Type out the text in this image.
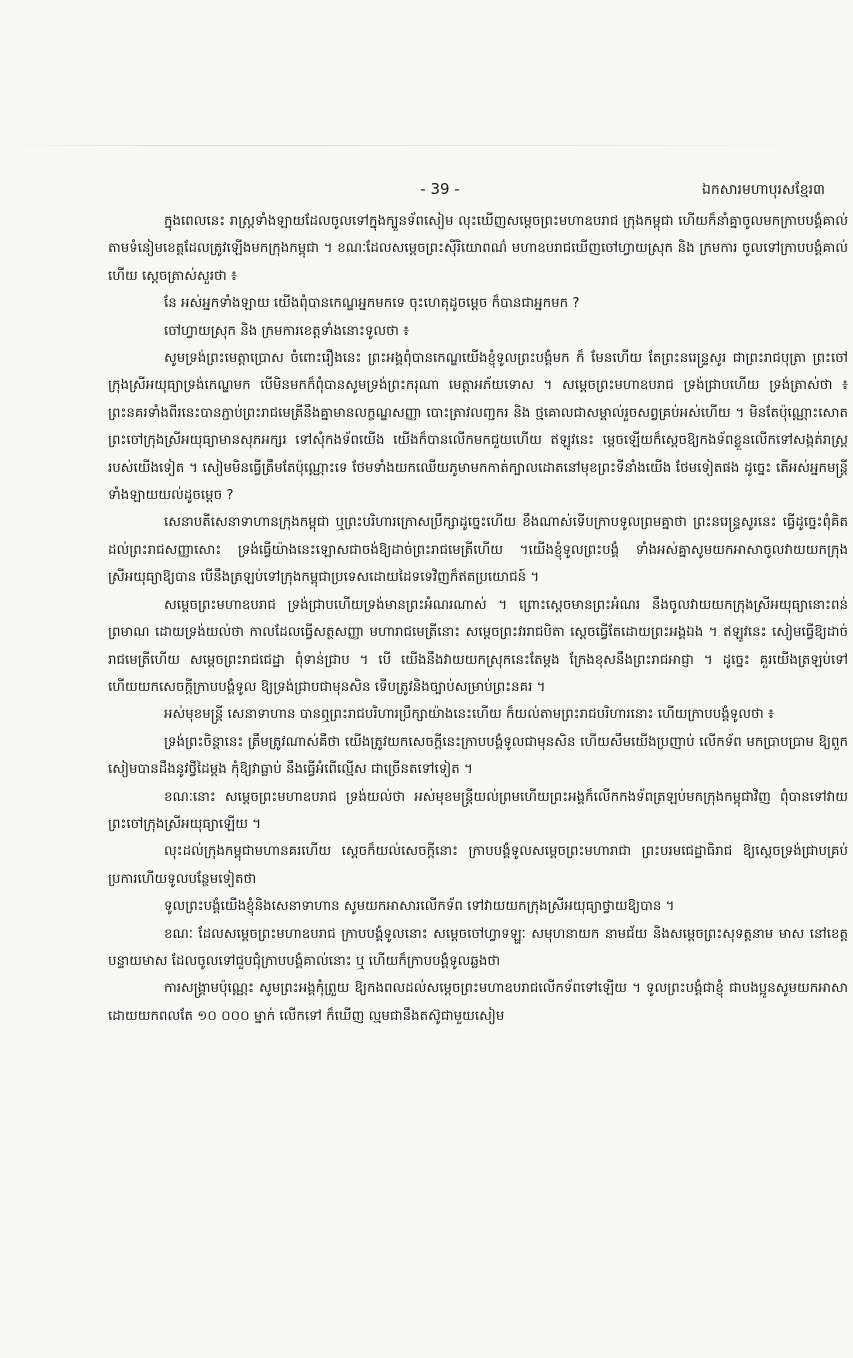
- 39 -	ឯកសារមហាបុរសខ្មែរ៣

ក្នុងពេលនេះ រាស្ត្រទាំងឡាយដែលចូលទៅក្នុងក្បួនទ័ពសៀម លុះឃើញសម្តេចព្រះមហាឧបរាជ ក្រុងកម្ពុជា ហើយក៏នាំគ្នាចូលមកក្រាបបង្គំគាល់តាមទំនៀមខេត្តដែលត្រូវឡើងមកក្រុងកម្ពុជា ។ ខណៈដែលសម្តេចព្រះស៊ីរិយោពណ៌ មហាឧបរាជឃើញចៅហ្វាយស្រុក និង ក្រមការ ចូលទៅក្រាបបង្គំគាល់ហើយ ស្តេចត្រាស់សួរថា ៖

នែ អស់អ្នកទាំងឡាយ យើងពុំបានកេណ្ឌអ្នកមកទេ ចុះហេតុដូចម្តេច ក៏បានជាអ្នកមក ?

ចៅហ្វាយស្រុក និង ក្រមការខេត្តទាំងនោះទូលថា ៖

សូមទ្រង់ព្រះមេត្តាប្រោស ចំពោះរឿងនេះ ព្រះអង្គពុំបានកេណ្ឌយើងខ្ញុំទូលព្រះបង្គំមក ក៏ មែនហើយ តែព្រះនរេន្ទ្រសូរ ជាព្រះរាជបុត្រា ព្រះចៅក្រុងស្រីអយុធ្យាទ្រង់កេណ្ឌមក បើមិនមកក៏ពុំបានសូមទ្រង់ព្រះករុណា មេត្តាអភ័យទោស ។ សម្តេចព្រះមហាឧបរាជ ទ្រង់ជ្រាបហើយ ទ្រង់ត្រាស់ថា ៖ ព្រះនគរទាំងពីរនេះបានភ្ជាប់ព្រះរាជមេត្រីនឹងគ្នាមានលក្ខណ្ឌសញ្ញា បោះត្រាវលញ្ជករ និង ថ្មគោលជាសម្គាល់រួចសព្វគ្រប់អស់ហើយ ។ មិនតែប៉ុណ្ណោះសោត ព្រះចៅក្រុងស្រីអយុធ្យាមានសុភអក្សរ ទៅសុំកងទ័ពយើង យើងក៏បានលើកមកជួយហើយ ឥឡូវនេះ ម្តេចឡើយក៏ស្តេចឱ្យកងទ័ពខ្លួនលើកទៅសង្កត់រាស្ត្ររបស់យើងទៀត ។ សៀមមិនធ្វើត្រឹមតែប៉ុណ្ណោះទេ ថែមទាំងយកឈើយភូមាមកកាត់ក្បាលដោតនៅមុខព្រះទីនាំងយើង ថែមទៀតផង ដូច្នេះ តើអស់អ្នកមន្ត្រីទាំងឡាយយល់ដូចម្តេច ?

សេនាបតីសេនាទាហានក្រុងកម្ពុជា ឬព្រះបរិហារក្រោសប្រឹក្សាដូច្នេះហើយ ខឹងណាស់ទើបក្រាបទូលព្រមគ្នាថា ព្រះនរេន្ទ្រសូរនេះ ធ្វើដូច្នេះពុំគិតដល់ព្រះរាជសញ្ញាសោះ ទ្រង់ធ្វើយ៉ាងនេះឡោសជាចង់ឱ្យដាច់ព្រះរាជមេត្រីហើយ ។យើងខ្ញុំទូលព្រះបង្គំ ទាំងអស់គ្នាសូមយកអាសាចូលវាយយកក្រុងស្រីអយុធ្យាឱ្យបាន បើនឹងត្រឡប់ទៅក្រុងកម្ពុជាប្រទេសដោយដៃទទេវិញក៏ឥតប្រយោជន៍ ។

សម្តេចព្រះមហាឧបរាជ ទ្រង់ជ្រាបហើយទ្រង់មានព្រះអំណរណាស់ ។ ព្រោះស្តេចមានព្រះអំណរ នឹងចូលវាយយកក្រុងស្រីអយុធ្យានោះពន់ព្រមាណ ដោយទ្រង់យល់ថា កាលដែលធ្វើសត្ថសញ្ញា មហារាជមេត្រីនោះ សម្តេចព្រះវររាជបិតា ស្តេចធ្វើតែដោយព្រះអង្គឯង ។ ឥឡូវនេះ សៀមធ្វើឱ្យដាច់រាជមេត្រីហើយ សម្តេចព្រះរាជជេដ្ឋា ពុំទាន់ជ្រាប ។ បើ យើងនឹងវាយយកស្រុកនេះតែម្តង ក្រែងខុសនឹងព្រះរាជអាជ្ញា ។ ដូច្នេះ គួរយើងត្រឡប់ទៅ ហើយយកសេចក្តីក្រាបបង្គំទូល ឱ្យទ្រង់ជ្រាបជាមុនសិន ទើបត្រូវនិងច្បាប់សម្រាប់ព្រះនគរ ។

អស់មុខមន្ត្រី សេនាទាហាន បានឮព្រះរាជបរិហារប្រឹក្សាយ៉ាងនេះហើយ ក៏យល់តាមព្រះរាជបរិហារនោះ ហើយក្រាបបង្គំទូលថា ៖

ទ្រង់ព្រះចិន្តានេះ ត្រឹមត្រូវណាស់គឺថា យើងត្រូវយកសេចក្តីនេះក្រាបបង្គំទូលជាមុនសិន ហើយសឹមយើងប្រញាប់ លើកទ័ព មកប្រាបប្រាម ឱ្យពួកសៀមបានដឹងនូវថ្វីដៃម្តង កុំឱ្យវាធ្លាប់ នឹងធ្វើអំពើល្មើស ជាច្រើនតទៅទៀត ។

ខណៈនោះ សម្តេចព្រះមហាឧបរាជ ទ្រង់យល់ថា អស់មុខមន្ត្រីយល់ព្រមហើយព្រះអង្គក៏លើកកងទ័ពត្រឡប់មកក្រុងកម្ពុជាវិញ ពុំបានទៅវាយព្រះចៅក្រុងស្រីអយុធ្យាឡើយ ។

លុះដល់ក្រុងកម្ពុជាមហានគរហើយ ស្តេចក៏យល់សេចក្តីនោះ ក្រាបបង្គំទូលសម្តេចព្រះមហារាជា ព្រះបរមជេដ្ឋាធិរាជ ឱ្យស្តេចទ្រង់ជ្រាបគ្រប់ប្រការហើយទូលបន្ថែមទៀតថា

ទូលព្រះបង្គំយើងខ្ញុំនិងសេនាទាហាន សូមយកអាសារលើកទ័ព ទៅវាយយកក្រុងស្រីអយុធ្យាថ្វាយឱ្យបាន ។

ខណៈ ដែលសម្តេចព្រះមហាឧបរាជ ក្រាបបង្គំទូលនោះ សម្តេចចៅហ្វាទឡ្ហៈ សមុហនាយក នាមជ័យ និងសម្តេចព្រះសុទត្តនាម មាស នៅខេត្តបន្ទាយមាស ដែលចូលទៅជួបជុំក្រាបបង្គំគាល់នោះ ឬ ហើយក៏ក្រាបបង្គំទូលឆ្លងថា

ការសង្គ្រាមប៉ុណ្ណេះ សូមព្រះអង្គកុំព្រួយ ឱ្យកងពលដល់សម្តេចព្រះមហាឧបរាជលើកទ័ពទៅឡើយ ។ ទូលព្រះបង្គំជាខ្ញុំ ជាបងប្អូនសូមយកអាសា ដោយយកពលតែ ១០ ០០០ ម្នាក់ លើកទៅ ក៏ឃើញ ល្មមជានឹងតស៊ូជាមួយសៀម
